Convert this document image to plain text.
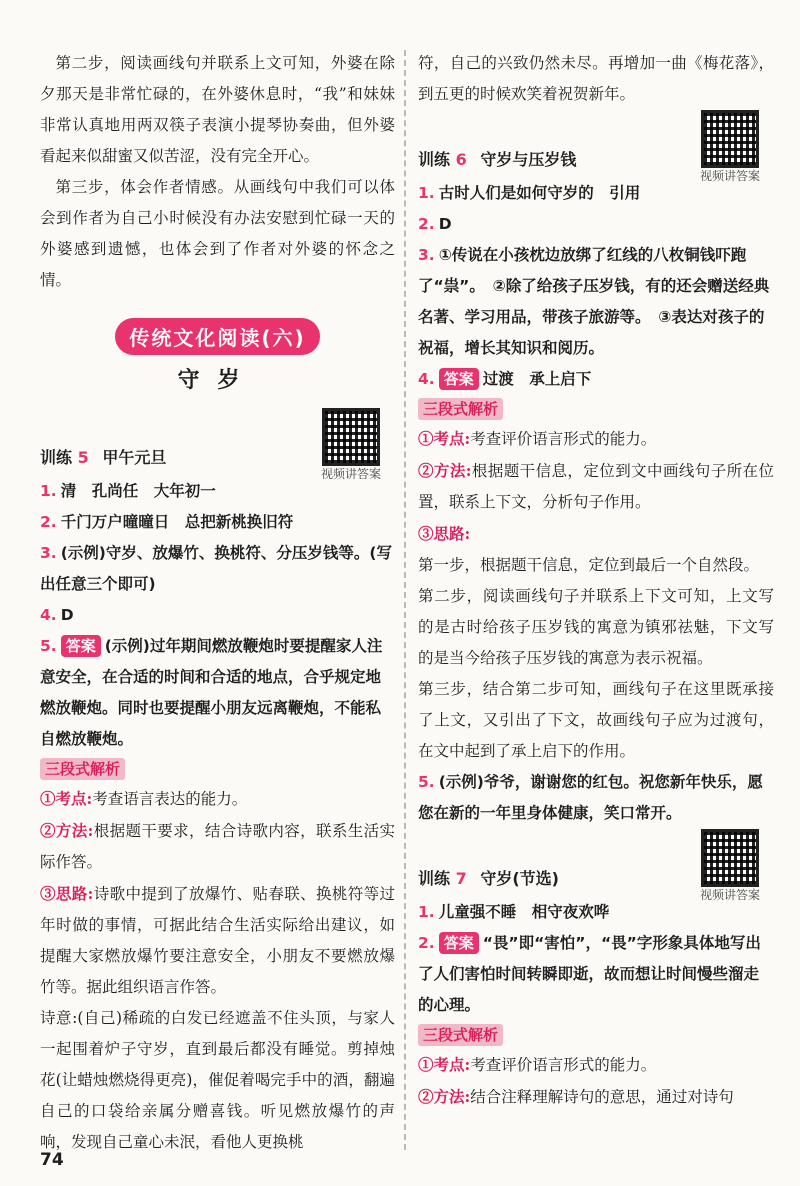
第二步，阅读画线句并联系上文可知，外婆在除夕那天是非常忙碌的，在外婆休息时，“我”和妹妹非常认真地用两双筷子表演小提琴协奏曲，但外婆看起来似甜蜜又似苦涩，没有完全开心。

第三步，体会作者情感。从画线句中我们可以体会到作者为自己小时候没有办法安慰到忙碌一天的外婆感到遗憾，也体会到了作者对外婆的怀念之情。

传统文化阅读(六)
守岁
训练 5 甲午元旦
视频讲答案

1. 清　孔尚任　大年初一

2. 千门万户曈曈日　总把新桃换旧符

3. (示例)守岁、放爆竹、换桃符、分压岁钱等。(写出任意三个即可)

4. D

5. 答案 (示例)过年期间燃放鞭炮时要提醒家人注意安全，在合适的时间和合适的地点，合乎规定地燃放鞭炮。同时也要提醒小朋友远离鞭炮，不能私自燃放鞭炮。

三段式解析

①考点:考查语言表达的能力。

②方法:根据题干要求，结合诗歌内容，联系生活实际作答。

③思路:诗歌中提到了放爆竹、贴春联、换桃符等过年时做的事情，可据此结合生活实际给出建议，如提醒大家燃放爆竹要注意安全，小朋友不要燃放爆竹等。据此组织语言作答。

诗意:(自己)稀疏的白发已经遮盖不住头顶，与家人一起围着炉子守岁，直到最后都没有睡觉。剪掉烛花(让蜡烛燃烧得更亮)，催促着喝完手中的酒，翻遍自己的口袋给亲属分赠喜钱。听见燃放爆竹的声响，发现自己童心未泯，看他人更换桃

符，自己的兴致仍然未尽。再增加一曲《梅花落》，到五更的时候欢笑着祝贺新年。

训练 6 守岁与压岁钱
视频讲答案

1. 古时人们是如何守岁的　引用

2. D

3. ①传说在小孩枕边放绑了红线的八枚铜钱吓跑了“祟”。　②除了给孩子压岁钱，有的还会赠送经典名著、学习用品，带孩子旅游等。　③表达对孩子的祝福，增长其知识和阅历。

4. 答案 过渡　承上启下

三段式解析

①考点:考查评价语言形式的能力。

②方法:根据题干信息，定位到文中画线句子所在位置，联系上下文，分析句子作用。

③思路:

第一步，根据题干信息，定位到最后一个自然段。

第二步，阅读画线句子并联系上下文可知，上文写的是古时给孩子压岁钱的寓意为镇邪祛魅，下文写的是当今给孩子压岁钱的寓意为表示祝福。

第三步，结合第二步可知，画线句子在这里既承接了上文，又引出了下文，故画线句子应为过渡句，在文中起到了承上启下的作用。

5. (示例)爷爷，谢谢您的红包。祝您新年快乐，愿您在新的一年里身体健康，笑口常开。

训练 7 守岁(节选)
视频讲答案

1. 儿童强不睡　相守夜欢哗

2. 答案 “畏”即“害怕”，“畏”字形象具体地写出了人们害怕时间转瞬即逝，故而想让时间慢些溜走的心理。

三段式解析

①考点:考查评价语言形式的能力。

②方法:结合注释理解诗句的意思，通过对诗句

74
